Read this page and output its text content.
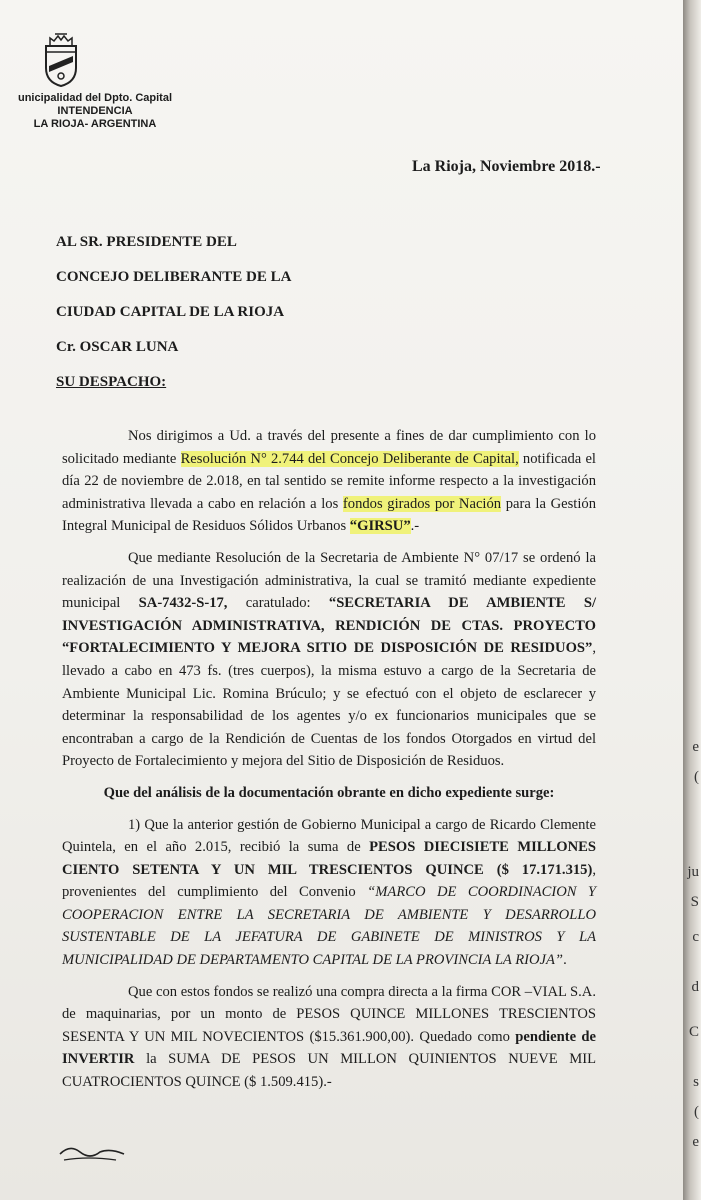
unicipalidad del Dpto. Capital
INTENDENCIA
LA RIOJA- ARGENTINA
La Rioja, Noviembre 2018.-
AL SR. PRESIDENTE DEL
CONCEJO DELIBERANTE DE LA
CIUDAD CAPITAL DE LA RIOJA
Cr. OSCAR LUNA
SU DESPACHO:

Nos dirigimos a Ud. a través del presente a fines de dar cumplimiento con lo solicitado mediante Resolución N° 2.744 del Concejo Deliberante de Capital, notificada el día 22 de noviembre de 2.018, en tal sentido se remite informe respecto a la investigación administrativa llevada a cabo en relación a los fondos girados por Nación para la Gestión Integral Municipal de Residuos Sólidos Urbanos “GIRSU”.-

Que mediante Resolución de la Secretaria de Ambiente N° 07/17 se ordenó la realización de una Investigación administrativa, la cual se tramitó mediante expediente municipal SA-7432-S-17, caratulado: “SECRETARIA DE AMBIENTE S/ INVESTIGACIÓN ADMINISTRATIVA, RENDICIÓN DE CTAS. PROYECTO “FORTALECIMIENTO Y MEJORA SITIO DE DISPOSICIÓN DE RESIDUOS”, llevado a cabo en 473 fs. (tres cuerpos), la misma estuvo a cargo de la Secretaria de Ambiente Municipal Lic. Romina Brúculo; y se efectuó con el objeto de esclarecer y determinar la responsabilidad de los agentes y/o ex funcionarios municipales que se encontraban a cargo de la Rendición de Cuentas de los fondos Otorgados en virtud del Proyecto de Fortalecimiento y mejora del Sitio de Disposición de Residuos.

Que del análisis de la documentación obrante en dicho expediente surge:

1) Que la anterior gestión de Gobierno Municipal a cargo de Ricardo Clemente Quintela, en el año 2.015, recibió la suma de PESOS DIECISIETE MILLONES CIENTO SETENTA Y UN MIL TRESCIENTOS QUINCE ($ 17.171.315), provenientes del cumplimiento del Convenio “MARCO DE COORDINACION Y COOPERACION ENTRE LA SECRETARIA DE AMBIENTE Y DESARROLLO SUSTENTABLE DE LA JEFATURA DE GABINETE DE MINISTROS Y LA MUNICIPALIDAD DE DEPARTAMENTO CAPITAL DE LA PROVINCIA LA RIOJA”.

Que con estos fondos se realizó una compra directa a la firma COR –VIAL S.A. de maquinarias, por un monto de PESOS QUINCE MILLONES TRESCIENTOS SESENTA Y UN MIL NOVECIENTOS ($15.361.900,00). Quedado como pendiente de INVERTIR la SUMA DE PESOS UN MILLON QUINIENTOS NUEVE MIL CUATROCIENTOS QUINCE ($ 1.509.415).-

e
(
ju
S
c
d
C
s
(
e
